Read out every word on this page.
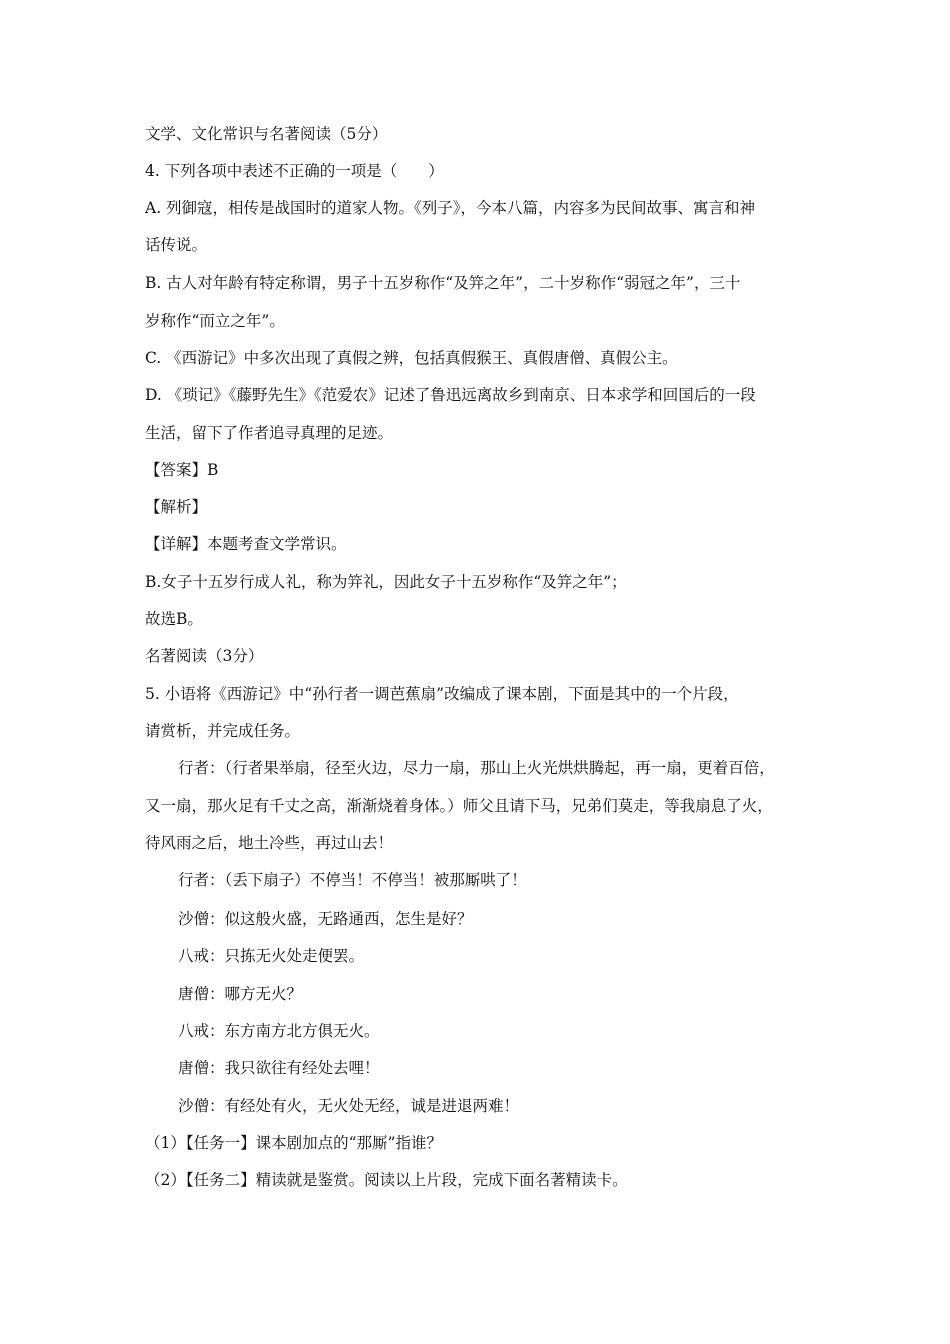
文学、文化常识与名著阅读（5分）
4. 下列各项中表述不正确的一项是（　　）
A. 列御寇，相传是战国时的道家人物。《列子》，今本八篇，内容多为民间故事、寓言和神
话传说。
B. 古人对年龄有特定称谓，男子十五岁称作“及笄之年”，二十岁称作“弱冠之年”，三十
岁称作“而立之年”。
C. 《西游记》中多次出现了真假之辨，包括真假猴王、真假唐僧、真假公主。
D. 《琐记》《藤野先生》《范爱农》记述了鲁迅远离故乡到南京、日本求学和回国后的一段
生活，留下了作者追寻真理的足迹。
【答案】B
【解析】
【详解】本题考查文学常识。
B.女子十五岁行成人礼，称为笄礼，因此女子十五岁称作“及笄之年”；
故选B。
名著阅读（3分）
5. 小语将《西游记》中“孙行者一调芭蕉扇”改编成了课本剧，下面是其中的一个片段，
请赏析，并完成任务。
行者：（行者果举扇，径至火边，尽力一扇，那山上火光烘烘腾起，再一扇，更着百倍，
又一扇，那火足有千丈之高，渐渐烧着身体。）师父且请下马，兄弟们莫走，等我扇息了火，
待风雨之后，地土冷些，再过山去！
行者：（丢下扇子）不停当！不停当！被那厮哄了！
沙僧：似这般火盛，无路通西，怎生是好？
八戒：只拣无火处走便罢。
唐僧：哪方无火？
八戒：东方南方北方俱无火。
唐僧：我只欲往有经处去哩！
沙僧：有经处有火，无火处无经，诚是进退两难！
（1）【任务一】课本剧加点的“那厮”指谁？
（2）【任务二】精读就是鉴赏。阅读以上片段，完成下面名著精读卡。
